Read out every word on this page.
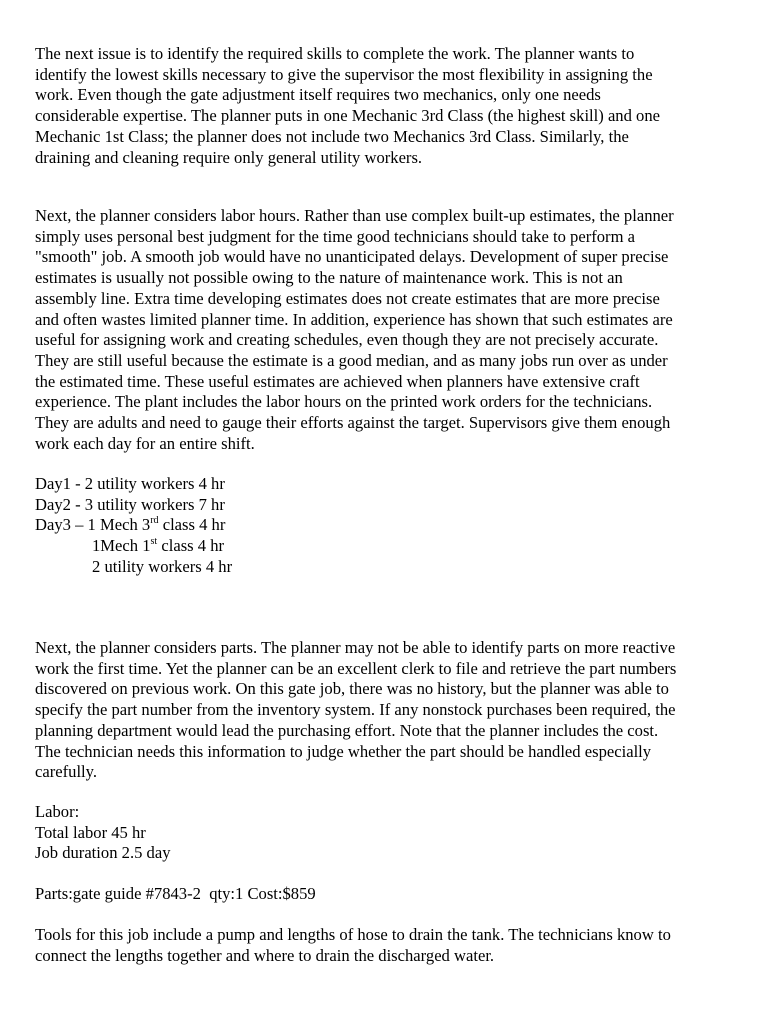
The next issue is to identify the required skills to complete the work. The planner wants to
identify the lowest skills necessary to give the supervisor the most flexibility in assigning the
work. Even though the gate adjustment itself requires two mechanics, only one needs
considerable expertise. The planner puts in one Mechanic 3rd Class (the highest skill) and one
Mechanic 1st Class; the planner does not include two Mechanics 3rd Class. Similarly, the
draining and cleaning require only general utility workers.
Next, the planner considers labor hours. Rather than use complex built-up estimates, the planner
simply uses personal best judgment for the time good technicians should take to perform a
"smooth" job. A smooth job would have no unanticipated delays. Development of super precise
estimates is usually not possible owing to the nature of maintenance work. This is not an
assembly line. Extra time developing estimates does not create estimates that are more precise
and often wastes limited planner time. In addition, experience has shown that such estimates are
useful for assigning work and creating schedules, even though they are not precisely accurate.
They are still useful because the estimate is a good median, and as many jobs run over as under
the estimated time. These useful estimates are achieved when planners have extensive craft
experience. The plant includes the labor hours on the printed work orders for the technicians.
They are adults and need to gauge their efforts against the target. Supervisors give them enough
work each day for an entire shift.
Day1 - 2 utility workers 4 hr
Day2 - 3 utility workers 7 hr
Day3 – 1 Mech 3rd class 4 hr
1Mech 1st class 4 hr
2 utility workers 4 hr
Next, the planner considers parts. The planner may not be able to identify parts on more reactive
work the first time. Yet the planner can be an excellent clerk to file and retrieve the part numbers
discovered on previous work. On this gate job, there was no history, but the planner was able to
specify the part number from the inventory system. If any nonstock purchases been required, the
planning department would lead the purchasing effort. Note that the planner includes the cost.
The technician needs this information to judge whether the part should be handled especially
carefully.
Labor:
Total labor 45 hr
Job duration 2.5 day
Parts:gate guide #7843-2  qty:1 Cost:$859
Tools for this job include a pump and lengths of hose to drain the tank. The technicians know to
connect the lengths together and where to drain the discharged water.
